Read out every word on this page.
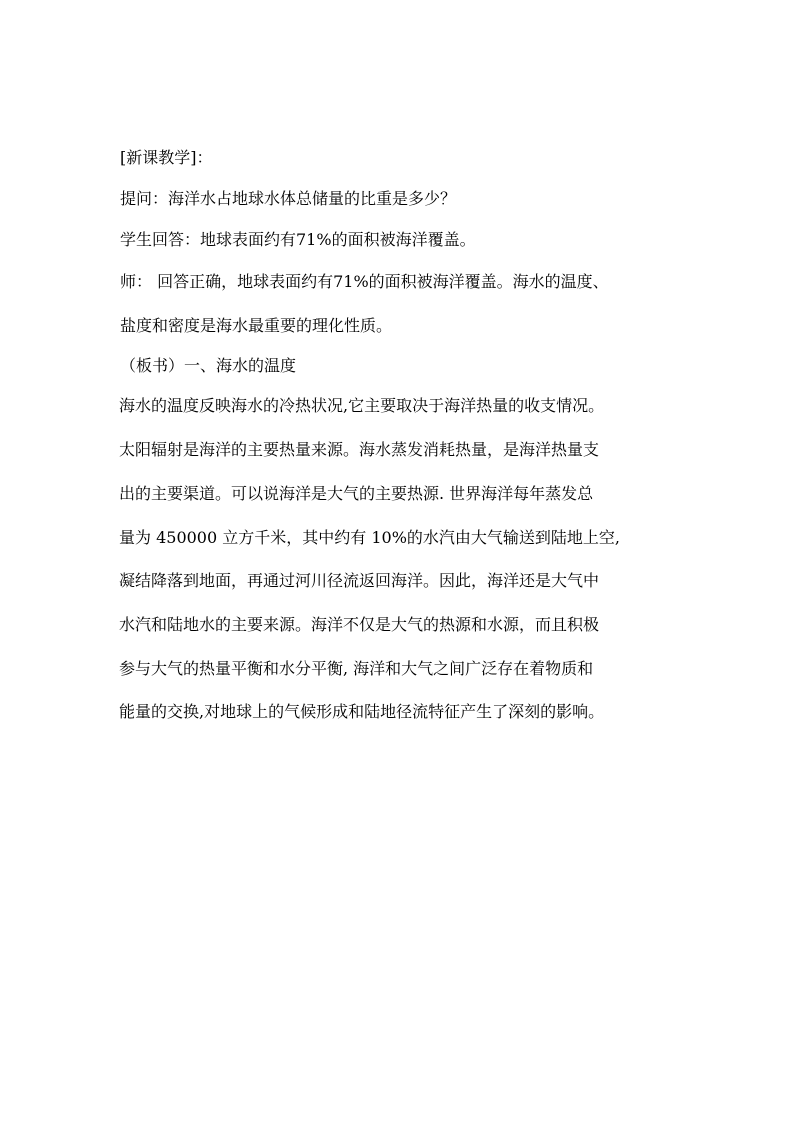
[新课教学]：
提问：海洋水占地球水体总储量的比重是多少？
学生回答：地球表面约有71%的面积被海洋覆盖。
师： 回答正确，地球表面约有71%的面积被海洋覆盖。海水的温度、
盐度和密度是海水最重要的理化性质。
（板书）一、海水的温度
海水的温度反映海水的冷热状况,它主要取决于海洋热量的收支情况。
太阳辐射是海洋的主要热量来源。海水蒸发消耗热量，是海洋热量支
出的主要渠道。可以说海洋是大气的主要热源. 世界海洋每年蒸发总
量为 450000 立方千米，其中约有 10%的水汽由大气输送到陆地上空,
凝结降落到地面，再通过河川径流返回海洋。因此，海洋还是大气中
水汽和陆地水的主要来源。海洋不仅是大气的热源和水源，而且积极
参与大气的热量平衡和水分平衡, 海洋和大气之间广泛存在着物质和
能量的交换,对地球上的气候形成和陆地径流特征产生了深刻的影响。
